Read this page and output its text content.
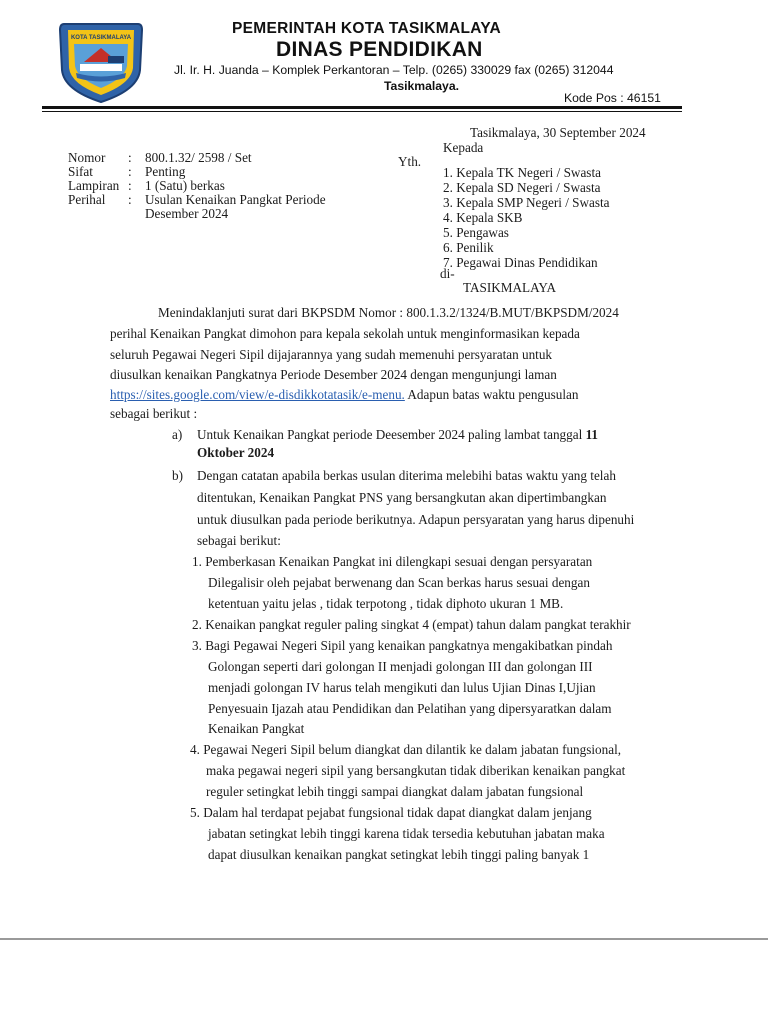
KOTA TASIKMALAYA
PEMERINTAH KOTA TASIKMALAYA
DINAS PENDIDIKAN
Jl. Ir. H. Juanda – Komplek Perkantoran – Telp. (0265) 330029 fax (0265) 312044
Tasikmalaya.
Kode Pos : 46151
Tasikmalaya, 30 September 2024
Nomor : 800.1.32/ 2598 / Set
Sifat	: Penting
Lampiran : 1 (Satu) berkas
Perihal : Usulan Kenaikan Pangkat Periode
Desember 2024
Yth.
Kepada
1. Kepala TK Negeri / Swasta
2. Kepala SD Negeri / Swasta
3. Kepala SMP Negeri / Swasta
4. Kepala SKB
5. Pengawas
6. Penilik
7. Pegawai Dinas Pendidikan
di-
TASIKMALAYA
Menindaklanjuti surat dari BKPSDM Nomor : 800.1.3.2/1324/B.MUT/BKPSDM/2024
perihal Kenaikan Pangkat dimohon para kepala sekolah untuk menginformasikan kepada
seluruh Pegawai Negeri Sipil dijajarannya yang sudah memenuhi persyaratan untuk
diusulkan kenaikan Pangkatnya Periode Desember 2024 dengan mengunjungi laman
https://sites.google.com/view/e-disdikkotatasik/e-menu. Adapun batas waktu pengusulan
sebagai berikut :
a) Untuk Kenaikan Pangkat periode Deesember 2024 paling lambat tanggal 11
Oktober 2024
b) Dengan catatan apabila berkas usulan diterima melebihi batas waktu yang telah
ditentukan, Kenaikan Pangkat PNS yang bersangkutan akan dipertimbangkan
untuk diusulkan pada periode berikutnya. Adapun persyaratan yang harus dipenuhi
sebagai berikut:
1. Pemberkasan Kenaikan Pangkat ini dilengkapi sesuai dengan persyaratan
Dilegalisir oleh pejabat berwenang dan Scan berkas harus sesuai dengan
ketentuan yaitu jelas , tidak terpotong , tidak diphoto ukuran 1 MB.
2. Kenaikan pangkat reguler paling singkat 4 (empat) tahun dalam pangkat terakhir
3. Bagi Pegawai Negeri Sipil yang kenaikan pangkatnya mengakibatkan pindah
Golongan seperti dari golongan II menjadi golongan III dan golongan III
menjadi golongan IV harus telah mengikuti dan lulus Ujian Dinas I,Ujian
Penyesuain Ijazah atau Pendidikan dan Pelatihan yang dipersyaratkan dalam
Kenaikan Pangkat
4. Pegawai Negeri Sipil belum diangkat dan dilantik ke dalam jabatan fungsional,
maka pegawai negeri sipil yang bersangkutan tidak diberikan kenaikan pangkat
reguler setingkat lebih tinggi sampai diangkat dalam jabatan fungsional
5. Dalam hal terdapat pejabat fungsional tidak dapat diangkat dalam jenjang
jabatan setingkat lebih tinggi karena tidak tersedia kebutuhan jabatan maka
dapat diusulkan kenaikan pangkat setingkat lebih tinggi paling banyak 1
